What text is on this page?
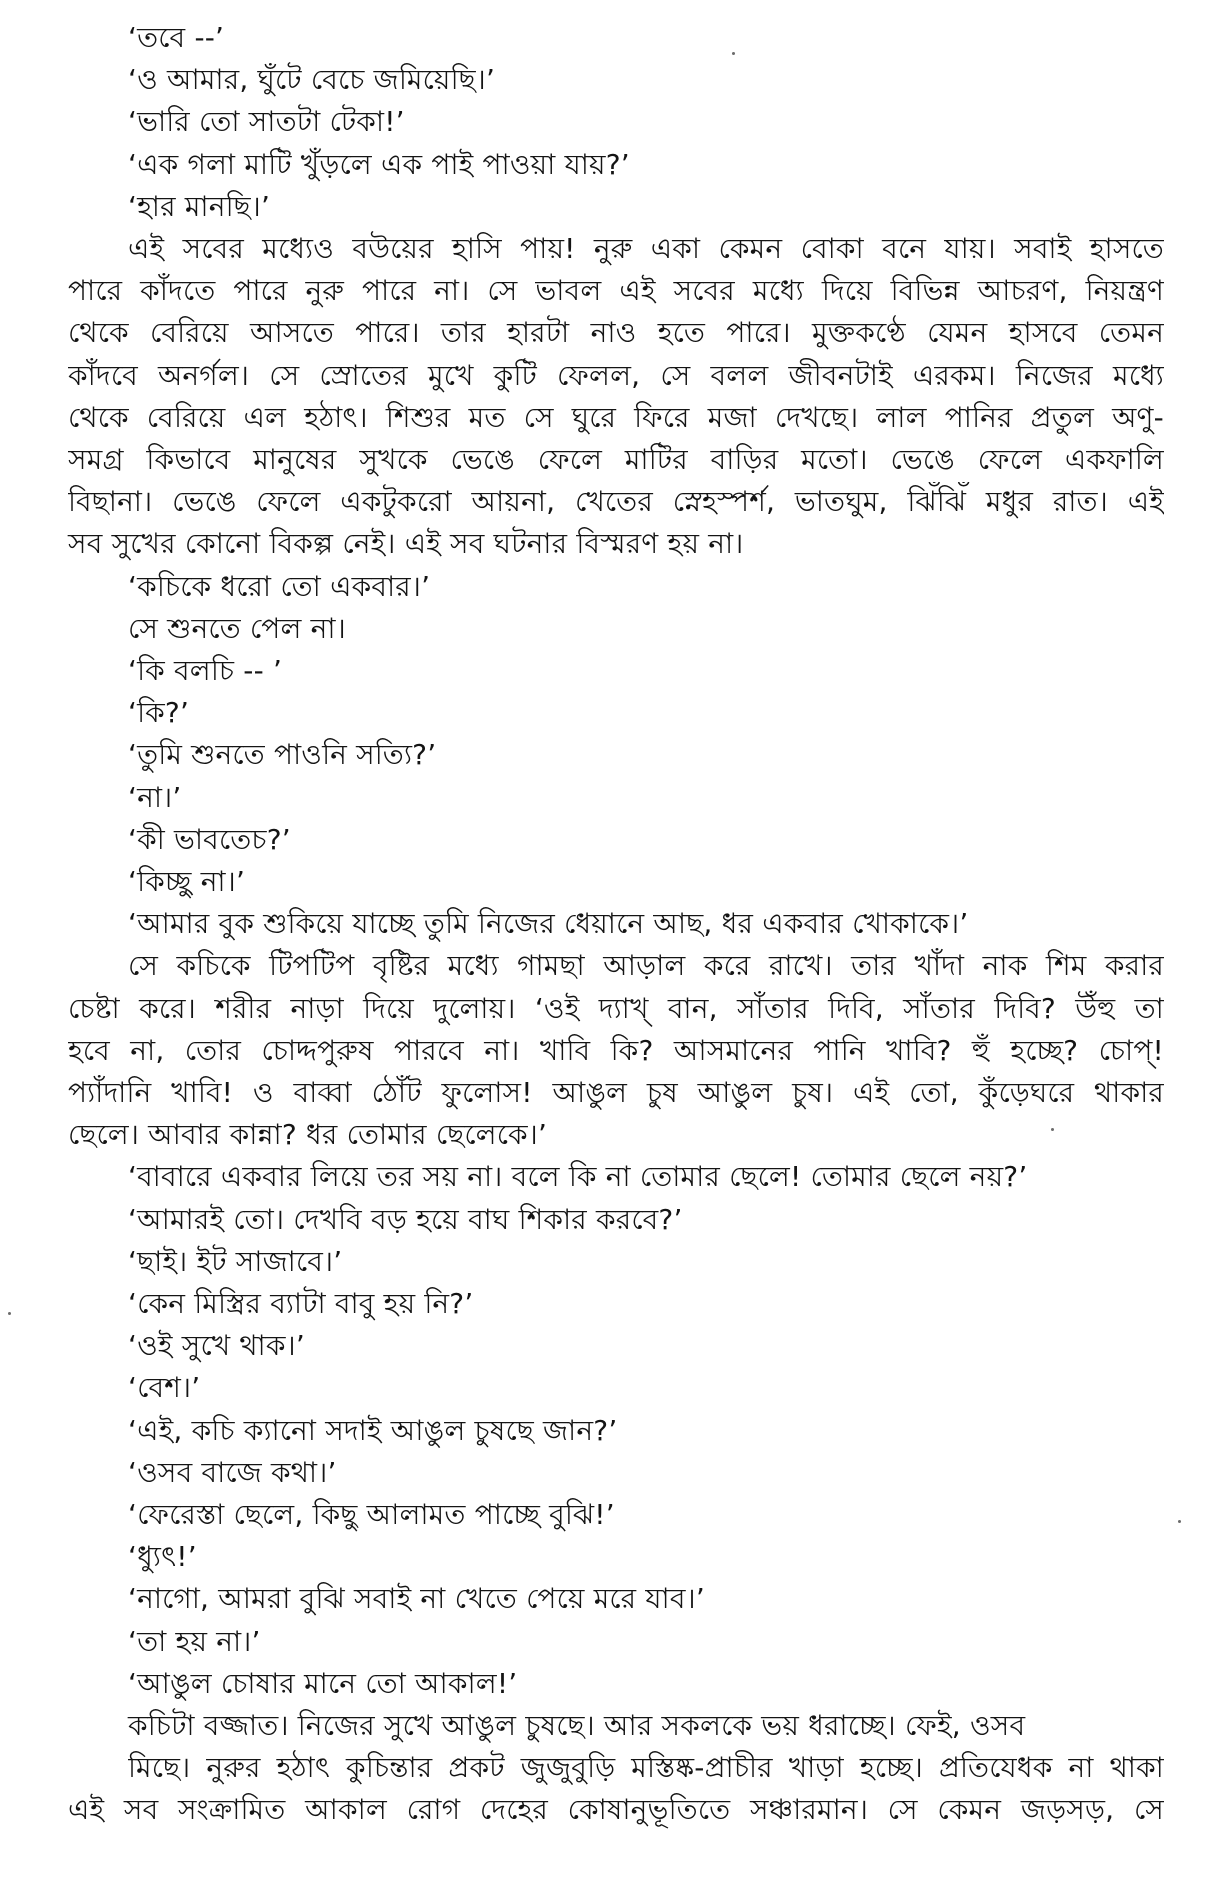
‘তবে --’
‘ও আমার, ঘুঁটে বেচে জমিয়েছি।’
‘ভারি তো সাতটা টেকা!’
‘এক গলা মাটি খুঁড়লে এক পাই পাওয়া যায়?’
‘হার মানছি।’
এই সবের মধ্যেও বউয়ের হাসি পায়! নুরু একা কেমন বোকা বনে যায়। সবাই হাসতে
পারে কাঁদতে পারে নুরু পারে না। সে ভাবল এই সবের মধ্যে দিয়ে বিভিন্ন আচরণ, নিয়ন্ত্রণ
থেকে বেরিয়ে আসতে পারে। তার হারটা নাও হতে পারে। মুক্তকণ্ঠে যেমন হাসবে তেমন
কাঁদবে অনর্গল। সে স্রোতের মুখে কুটি ফেলল, সে বলল জীবনটাই এরকম। নিজের মধ্যে
থেকে বেরিয়ে এল হঠাৎ। শিশুর মত সে ঘুরে ফিরে মজা দেখছে। লাল পানির প্রতুল অণু-
সমগ্র কিভাবে মানুষের সুখকে ভেঙে ফেলে মাটির বাড়ির মতো। ভেঙে ফেলে একফালি
বিছানা। ভেঙে ফেলে একটুকরো আয়না, খেতের স্নেহস্পর্শ, ভাতঘুম, ঝিঁঝিঁ মধুর রাত। এই
সব সুখের কোনো বিকল্প নেই। এই সব ঘটনার বিস্মরণ হয় না।
‘কচিকে ধরো তো একবার।’
সে শুনতে পেল না।
‘কি বলচি -- ’
‘কি?’
‘তুমি শুনতে পাওনি সত্যি?’
‘না।’
‘কী ভাবতেচ?’
‘কিচ্ছু না।’
‘আমার বুক শুকিয়ে যাচ্ছে তুমি নিজের ধেয়ানে আছ, ধর একবার খোকাকে।’
সে কচিকে টিপটিপ বৃষ্টির মধ্যে গামছা আড়াল করে রাখে। তার খাঁদা নাক শিম করার
চেষ্টা করে। শরীর নাড়া দিয়ে দুলোয়। ‘ওই দ্যাখ্ বান, সাঁতার দিবি, সাঁতার দিবি? উঁহু তা
হবে না, তোর চোদ্দপুরুষ পারবে না। খাবি কি? আসমানের পানি খাবি? হুঁ হচ্ছে? চোপ্!
প্যাঁদানি খাবি! ও বাব্বা ঠোঁট ফুলোস! আঙুল চুষ আঙুল চুষ। এই তো, কুঁড়েঘরে থাকার
ছেলে। আবার কান্না? ধর তোমার ছেলেকে।’
‘বাবারে একবার লিয়ে তর সয় না। বলে কি না তোমার ছেলে! তোমার ছেলে নয়?’
‘আমারই তো। দেখবি বড় হয়ে বাঘ শিকার করবে?’
‘ছাই। ইট সাজাবে।’
‘কেন মিস্ত্রির ব্যাটা বাবু হয় নি?’
‘ওই সুখে থাক।’
‘বেশ।’
‘এই, কচি ক্যানো সদাই আঙুল চুষছে জান?’
‘ওসব বাজে কথা।’
‘ফেরেস্তা ছেলে, কিছু আলামত পাচ্ছে বুঝি!’
‘ধ্যুৎ!’
‘নাগো, আমরা বুঝি সবাই না খেতে পেয়ে মরে যাব।’
‘তা হয় না।’
‘আঙুল চোষার মানে তো আকাল!’
কচিটা বজ্জাত। নিজের সুখে আঙুল চুষছে। আর সকলকে ভয় ধরাচ্ছে। ফেই, ওসব
মিছে। নুরুর হঠাৎ কুচিন্তার প্রকট জুজুবুড়ি মস্তিষ্ক-প্রাচীর খাড়া হচ্ছে। প্রতিযেধক না থাকা
এই সব সংক্রামিত আকাল রোগ দেহের কোষানুভূতিতে সঞ্চারমান। সে কেমন জড়সড়, সে
